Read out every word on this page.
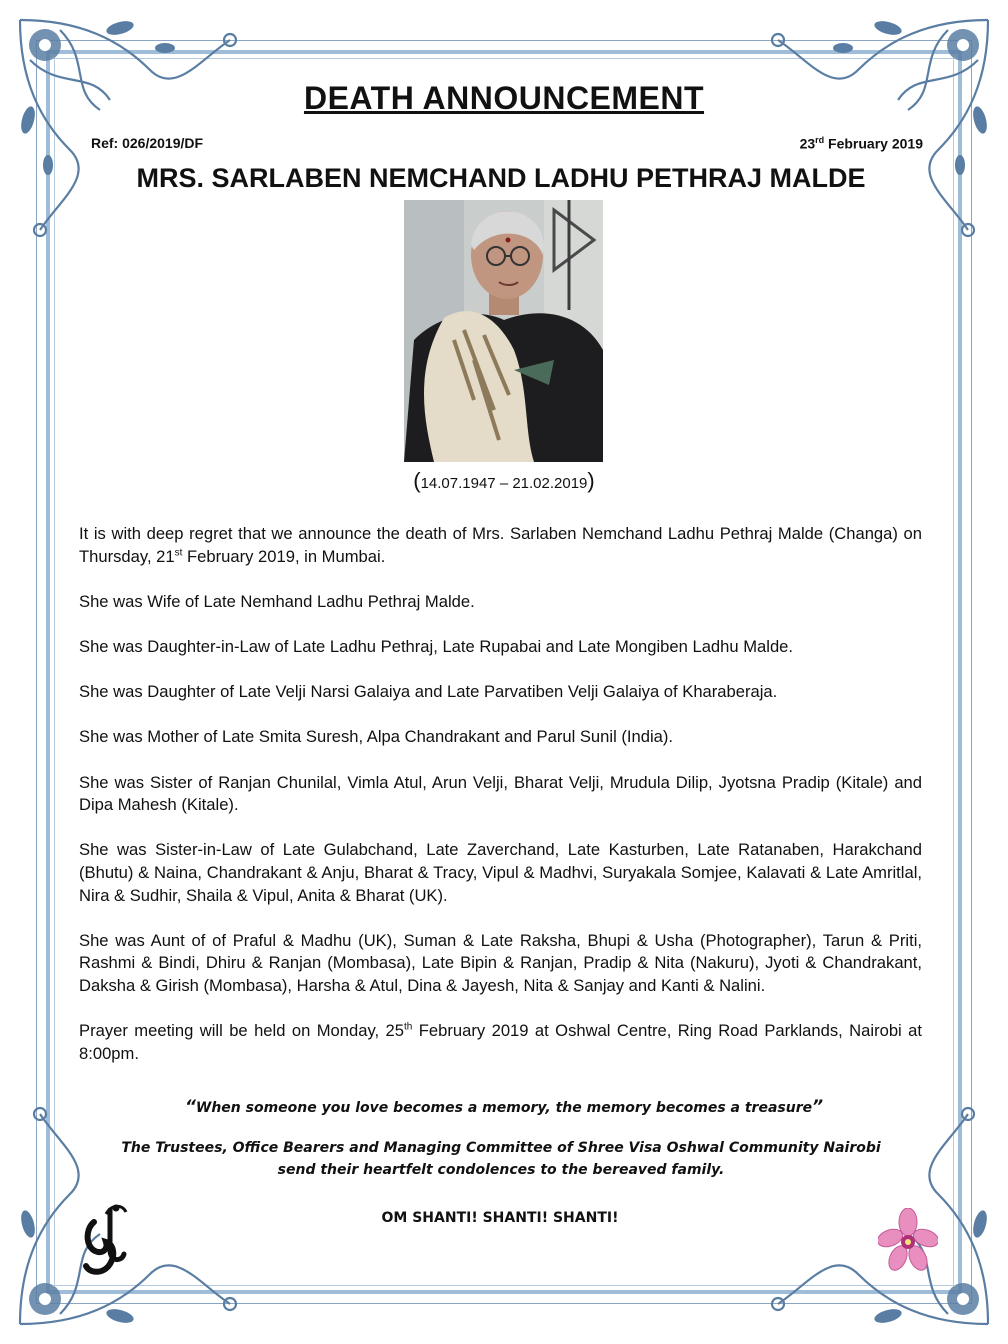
DEATH ANNOUNCEMENT
Ref: 026/2019/DF	23rd February 2019
MRS. SARLABEN NEMCHAND LADHU PETHRAJ MALDE
(14.07.1947 – 21.02.2019)

It is with deep regret that we announce the death of Mrs. Sarlaben Nemchand Ladhu Pethraj Malde (Changa) on Thursday, 21st February 2019, in Mumbai.

She was Wife of Late Nemhand Ladhu Pethraj Malde.

She was Daughter-in-Law of Late Ladhu Pethraj, Late Rupabai and Late Mongiben Ladhu Malde.

She was Daughter of Late Velji Narsi Galaiya and Late Parvatiben Velji Galaiya of Kharaberaja.

She was Mother of Late Smita Suresh, Alpa Chandrakant and Parul Sunil (India).

She was Sister of Ranjan Chunilal, Vimla Atul, Arun Velji, Bharat Velji, Mrudula Dilip, Jyotsna Pradip (Kitale) and Dipa Mahesh (Kitale).

She was Sister-in-Law of Late Gulabchand, Late Zaverchand, Late Kasturben, Late Ratanaben, Harakchand (Bhutu) & Naina, Chandrakant & Anju, Bharat & Tracy, Vipul & Madhvi, Suryakala Somjee, Kalavati & Late Amritlal, Nira & Sudhir, Shaila & Vipul, Anita & Bharat (UK).

She was Aunt of of Praful & Madhu (UK), Suman & Late Raksha, Bhupi & Usha (Photographer), Tarun & Priti, Rashmi & Bindi, Dhiru & Ranjan (Mombasa), Late Bipin & Ranjan, Pradip & Nita (Nakuru), Jyoti & Chandrakant, Daksha & Girish (Mombasa), Harsha & Atul, Dina & Jayesh, Nita & Sanjay and Kanti & Nalini.

Prayer meeting will be held on Monday, 25th February 2019 at Oshwal Centre, Ring Road Parklands, Nairobi at 8:00pm.

“When someone you love becomes a memory, the memory becomes a treasure”
The Trustees, Office Bearers and Managing Committee of Shree Visa Oshwal Community Nairobi
send their heartfelt condolences to the bereaved family.
OM SHANTI! SHANTI! SHANTI!
